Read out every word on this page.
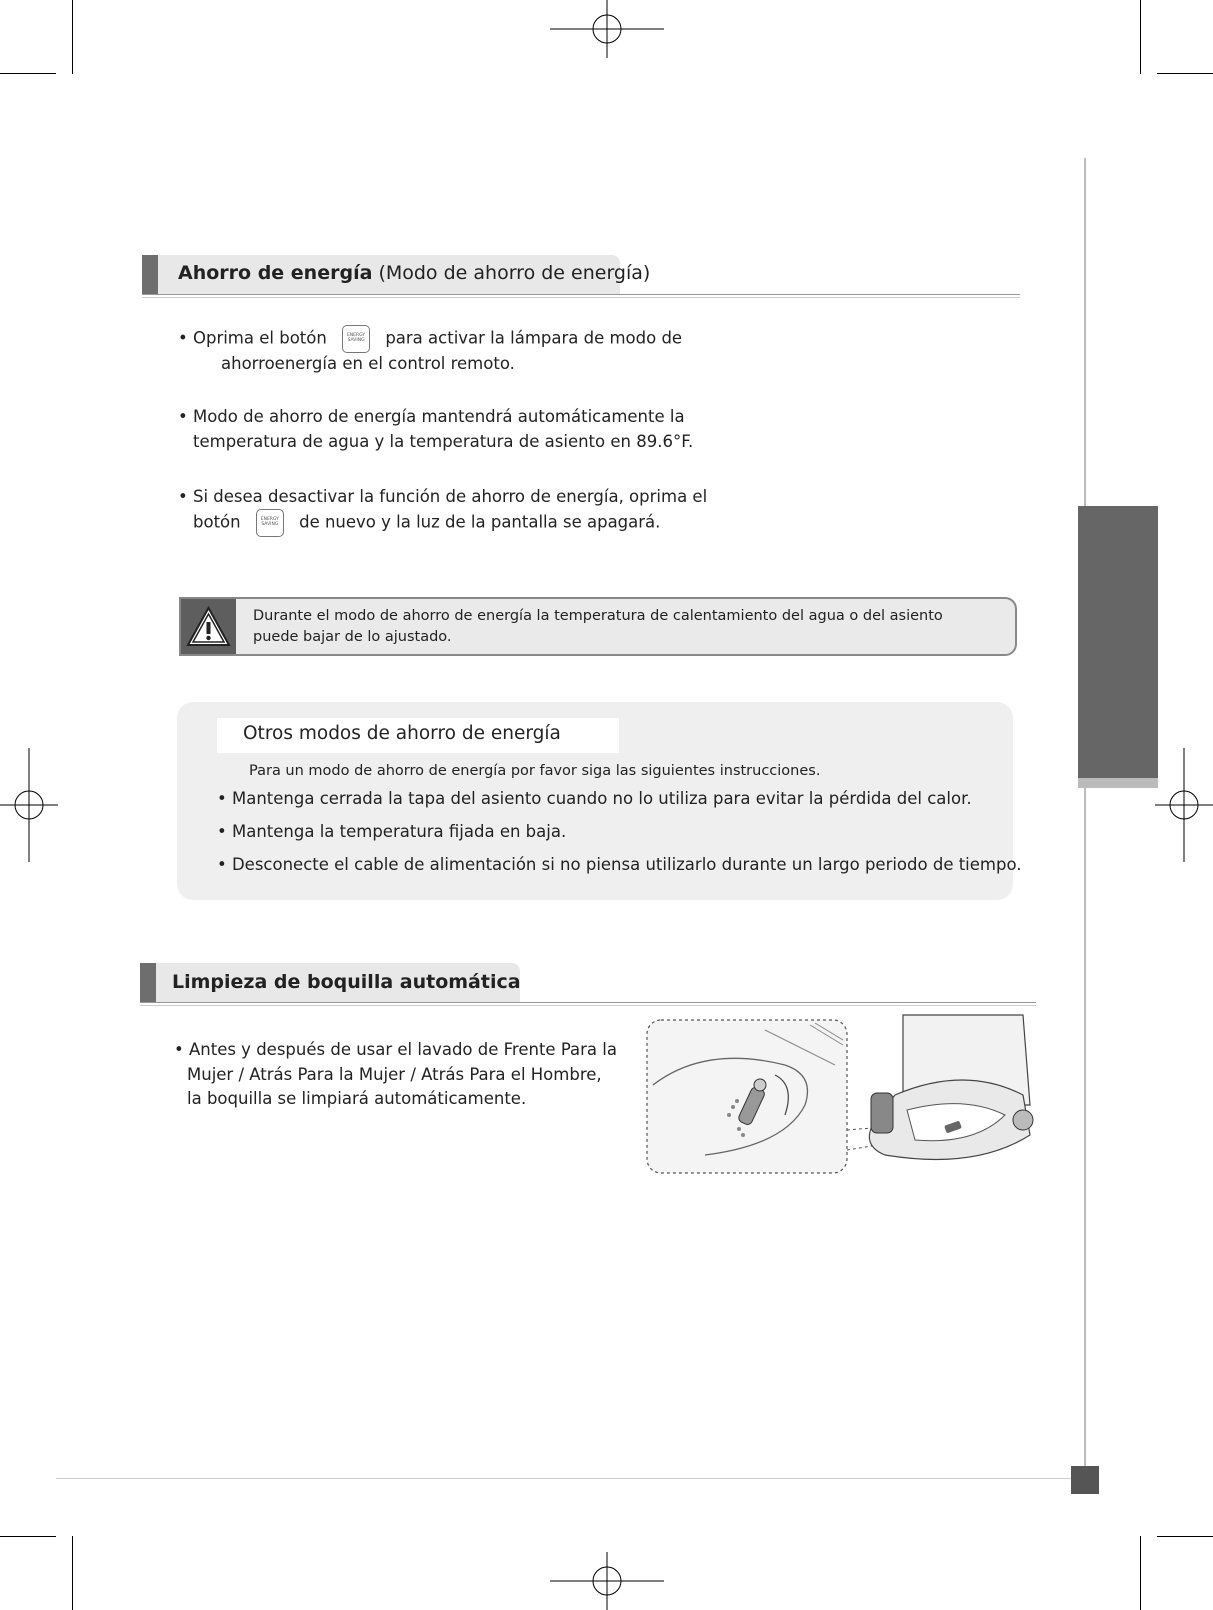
Ahorro de energía (Modo de ahorro de energía)
• Oprima el botón	ENERGY
SAVING para activar la lámpara de modo de
ahorroenergía en el control remoto.
• Modo de ahorro de energía mantendrá automáticamente la
temperatura de agua y la temperatura de asiento en 89.6°F.
• Si desea desactivar la función de ahorro de energía, oprima el
botón	ENERGY
SAVING de nuevo y la luz de la pantalla se apagará.
Durante el modo de ahorro de energía la temperatura de calentamiento del agua o del asiento
puede bajar de lo ajustado.
Otros modos de ahorro de energía
Para un modo de ahorro de energía por favor siga las siguientes instrucciones.
• Mantenga cerrada la tapa del asiento cuando no lo utiliza para evitar la pérdida del calor.
• Mantenga la temperatura fijada en baja.
• Desconecte el cable de alimentación si no piensa utilizarlo durante un largo periodo de tiempo.
Limpieza de boquilla automática
• Antes y después de usar el lavado de Frente Para la
Mujer / Atrás Para la Mujer / Atrás Para el Hombre,
la boquilla se limpiará automáticamente.
